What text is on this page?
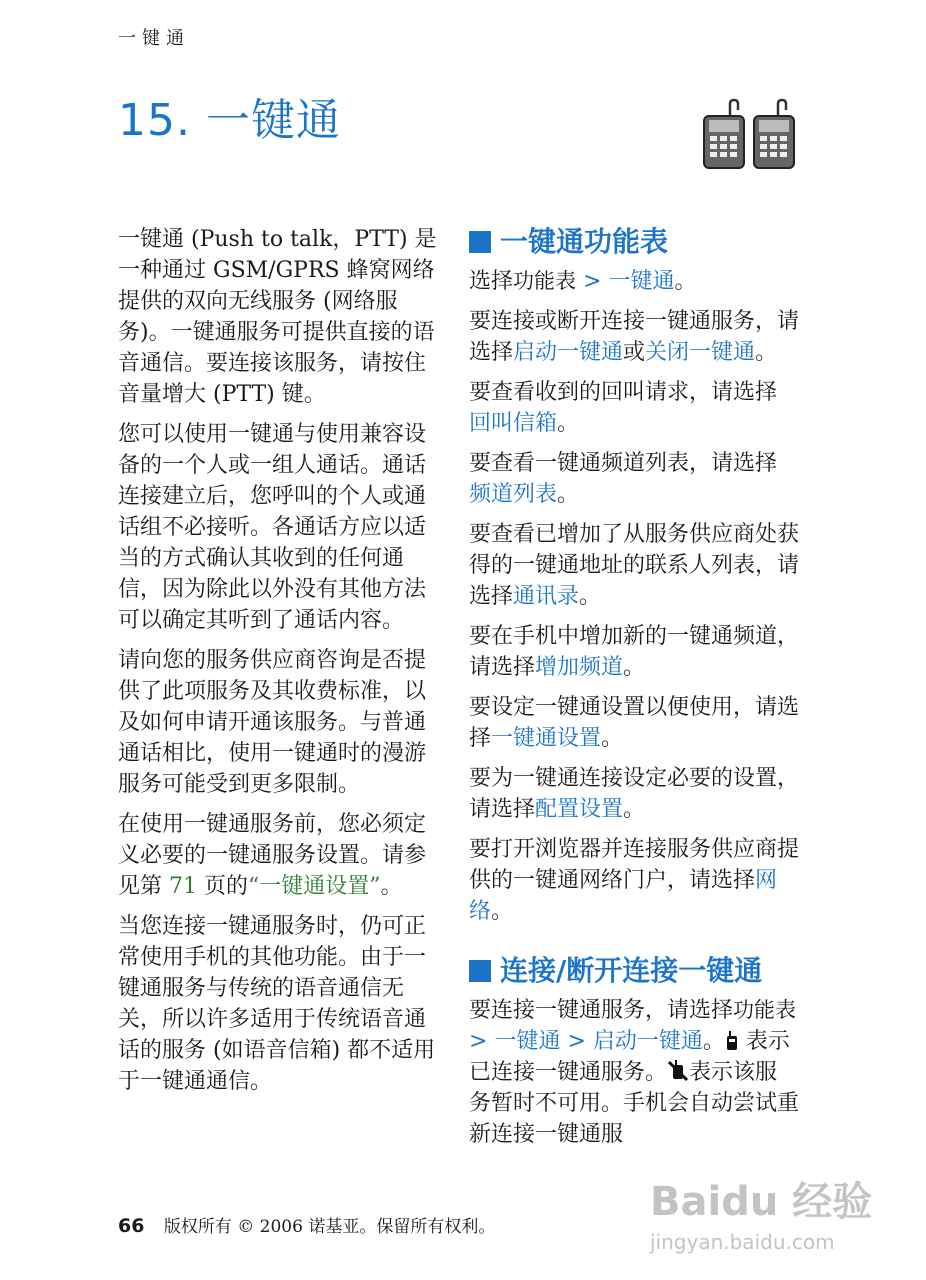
一键通
15. 一键通

一键通 (Push to talk，PTT) 是一种通过 GSM/GPRS 蜂窝网络提供的双向无线服务 (网络服务)。一键通服务可提供直接的语音通信。要连接该服务，请按住音量增大 (PTT) 键。

您可以使用一键通与使用兼容设备的一个人或一组人通话。通话连接建立后，您呼叫的个人或通话组不必接听。各通话方应以适当的方式确认其收到的任何通信，因为除此以外没有其他方法可以确定其听到了通话内容。

请向您的服务供应商咨询是否提供了此项服务及其收费标准，以及如何申请开通该服务。与普通通话相比，使用一键通时的漫游服务可能受到更多限制。

在使用一键通服务前，您必须定义必要的一键通服务设置。请参见第 71 页的“一键通设置”。

当您连接一键通服务时，仍可正常使用手机的其他功能。由于一键通服务与传统的语音通信无关，所以许多适用于传统语音通话的服务 (如语音信箱) 都不适用于一键通通信。

一键通功能表

选择功能表 > 一键通。

要连接或断开连接一键通服务，请选择启动一键通或关闭一键通。

要查看收到的回叫请求，请选择回叫信箱。

要查看一键通频道列表，请选择频道列表。

要查看已增加了从服务供应商处获得的一键通地址的联系人列表，请选择通讯录。

要在手机中增加新的一键通频道，请选择增加频道。

要设定一键通设置以便使用，请选择一键通设置。

要为一键通连接设定必要的设置，请选择配置设置。

要打开浏览器并连接服务供应商提供的一键通网络门户，请选择网络。

连接/断开连接一键通

要连接一键通服务，请选择功能表 > 一键通 > 启动一键通。 表示已连接一键通服务。 表示该服务暂时不可用。手机会自动尝试重新连接一键通服

66 版权所有 © 2006 诺基亚。保留所有权利。
Baidu 经验
jingyan.baidu.com
